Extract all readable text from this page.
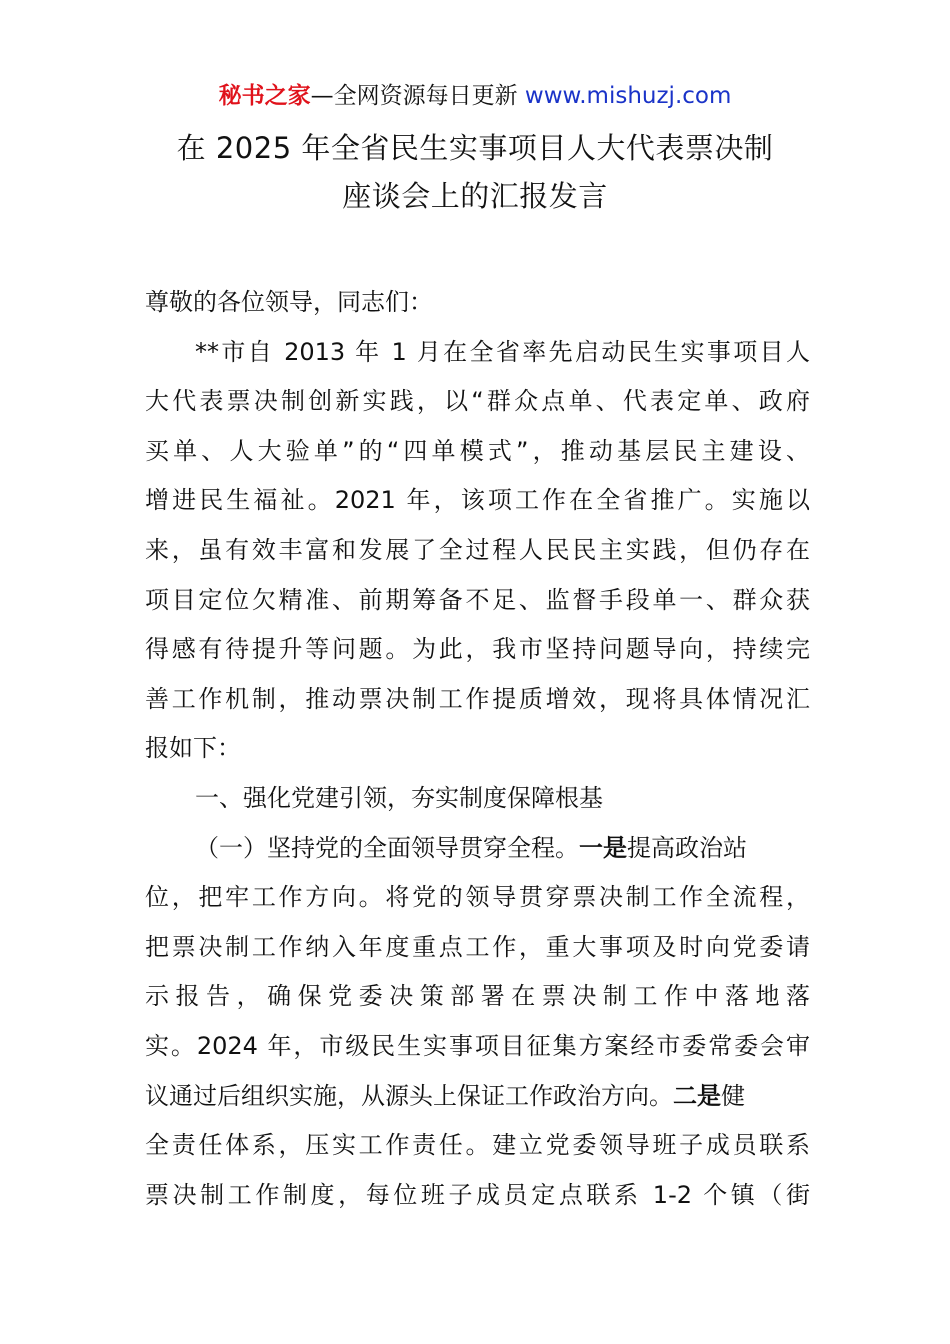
秘书之家—全网资源每日更新 www.mishuzj.com
在 2025 年全省民生实事项目人大代表票决制
座谈会上的汇报发言
尊敬的各位领导，同志们：
**市自 2013 年 1 月在全省率先启动民生实事项目人
大代表票决制创新实践，以“群众点单、代表定单、政府
买单、人大验单”的“四单模式”，推动基层民主建设、
增进民生福祉。2021 年，该项工作在全省推广。实施以
来，虽有效丰富和发展了全过程人民民主实践，但仍存在
项目定位欠精准、前期筹备不足、监督手段单一、群众获
得感有待提升等问题。为此，我市坚持问题导向，持续完
善工作机制，推动票决制工作提质增效，现将具体情况汇
报如下：
一、强化党建引领，夯实制度保障根基
（一）坚持党的全面领导贯穿全程。一是提高政治站
位，把牢工作方向。将党的领导贯穿票决制工作全流程，
把票决制工作纳入年度重点工作，重大事项及时向党委请
示报告，确保党委决策部署在票决制工作中落地落
实。2024 年，市级民生实事项目征集方案经市委常委会审
议通过后组织实施，从源头上保证工作政治方向。二是健
全责任体系，压实工作责任。建立党委领导班子成员联系
票决制工作制度，每位班子成员定点联系 1-2 个镇（街
